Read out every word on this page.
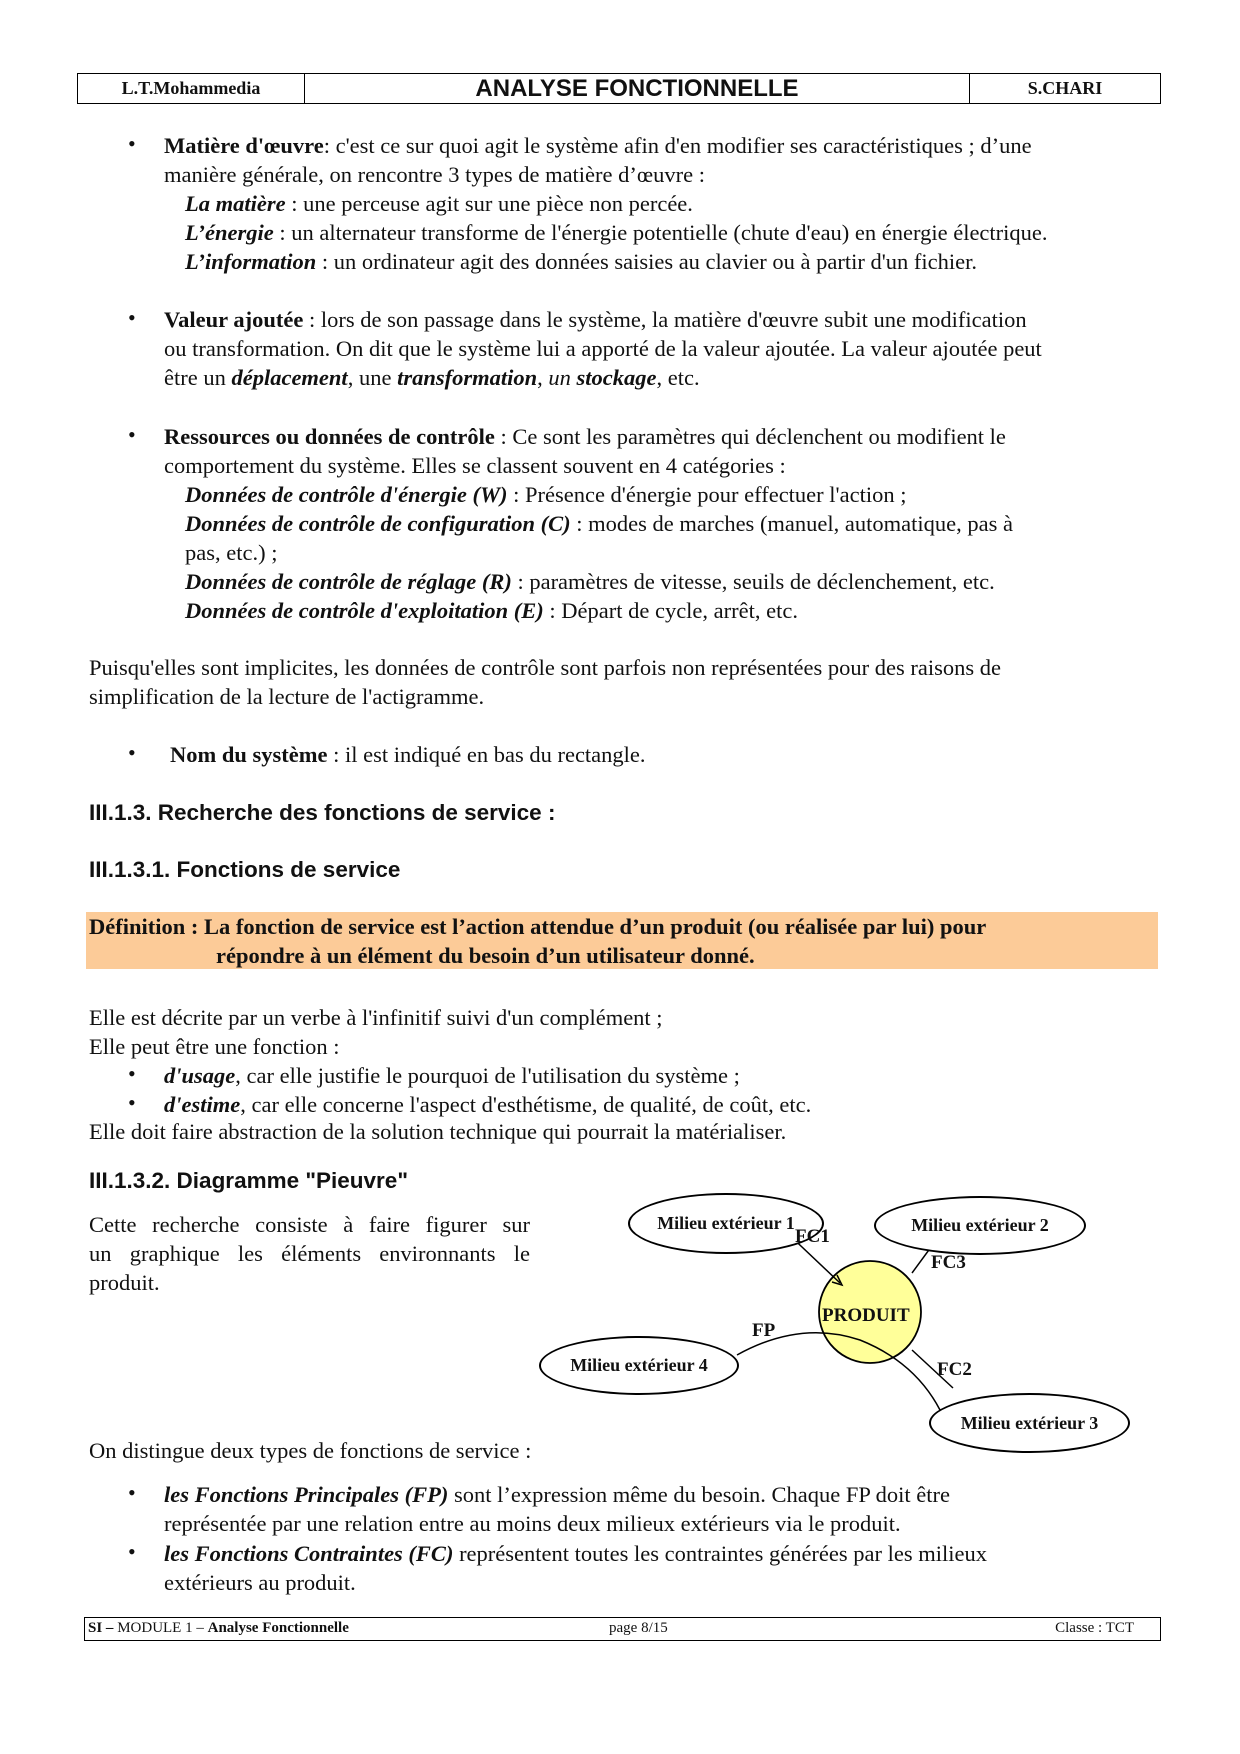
L.T.Mohammedia	ANALYSE FONCTIONNELLE	S.CHARI
• Matière d'œuvre: c'est ce sur quoi agit le système afin d'en modifier ses caractéristiques ; d’une
manière générale, on rencontre 3 types de matière d’œuvre :
La matière : une perceuse agit sur une pièce non percée.
L’énergie : un alternateur transforme de l'énergie potentielle (chute d'eau) en énergie électrique.
L’information : un ordinateur agit des données saisies au clavier ou à partir d'un fichier.
• Valeur ajoutée : lors de son passage dans le système, la matière d'œuvre subit une modification
ou transformation. On dit que le système lui a apporté de la valeur ajoutée. La valeur ajoutée peut
être un déplacement, une transformation, un stockage, etc.
• Ressources ou données de contrôle : Ce sont les paramètres qui déclenchent ou modifient le
comportement du système. Elles se classent souvent en 4 catégories :
Données de contrôle d'énergie (W) : Présence d'énergie pour effectuer l'action ;
Données de contrôle de configuration (C) : modes de marches (manuel, automatique, pas à
pas, etc.) ;
Données de contrôle de réglage (R) : paramètres de vitesse, seuils de déclenchement, etc.
Données de contrôle d'exploitation (E) : Départ de cycle, arrêt, etc.
Puisqu'elles sont implicites, les données de contrôle sont parfois non représentées pour des raisons de
simplification de la lecture de l'actigramme.
• Nom du système : il est indiqué en bas du rectangle.
III.1.3. Recherche des fonctions de service :
III.1.3.1. Fonctions de service
Définition : La fonction de service est l’action attendue d’un produit (ou réalisée par lui) pour
répondre à un élément du besoin d’un utilisateur donné.
Elle est décrite par un verbe à l'infinitif suivi d'un complément ;
Elle peut être une fonction :
• d'usage, car elle justifie le pourquoi de l'utilisation du système ;
• d'estime, car elle concerne l'aspect d'esthétisme, de qualité, de coût, etc.
Elle doit faire abstraction de la solution technique qui pourrait la matérialiser.
III.1.3.2. Diagramme "Pieuvre"
Cette recherche consiste à faire figurer sur
un graphique les éléments environnants le
produit.
Milieu extérieur 1	Milieu extérieur 2
Milieu extérieur 4
Milieu extérieur 3
PRODUIT
FC1
FC3
FC2
FP
On distingue deux types de fonctions de service :
• les Fonctions Principales (FP) sont l’expression même du besoin. Chaque FP doit être
représentée par une relation entre au moins deux milieux extérieurs via le produit.
• les Fonctions Contraintes (FC) représentent toutes les contraintes générées par les milieux
extérieurs au produit.
SI – MODULE 1 – Analyse Fonctionnelle	page 8/15	Classe : TCT
